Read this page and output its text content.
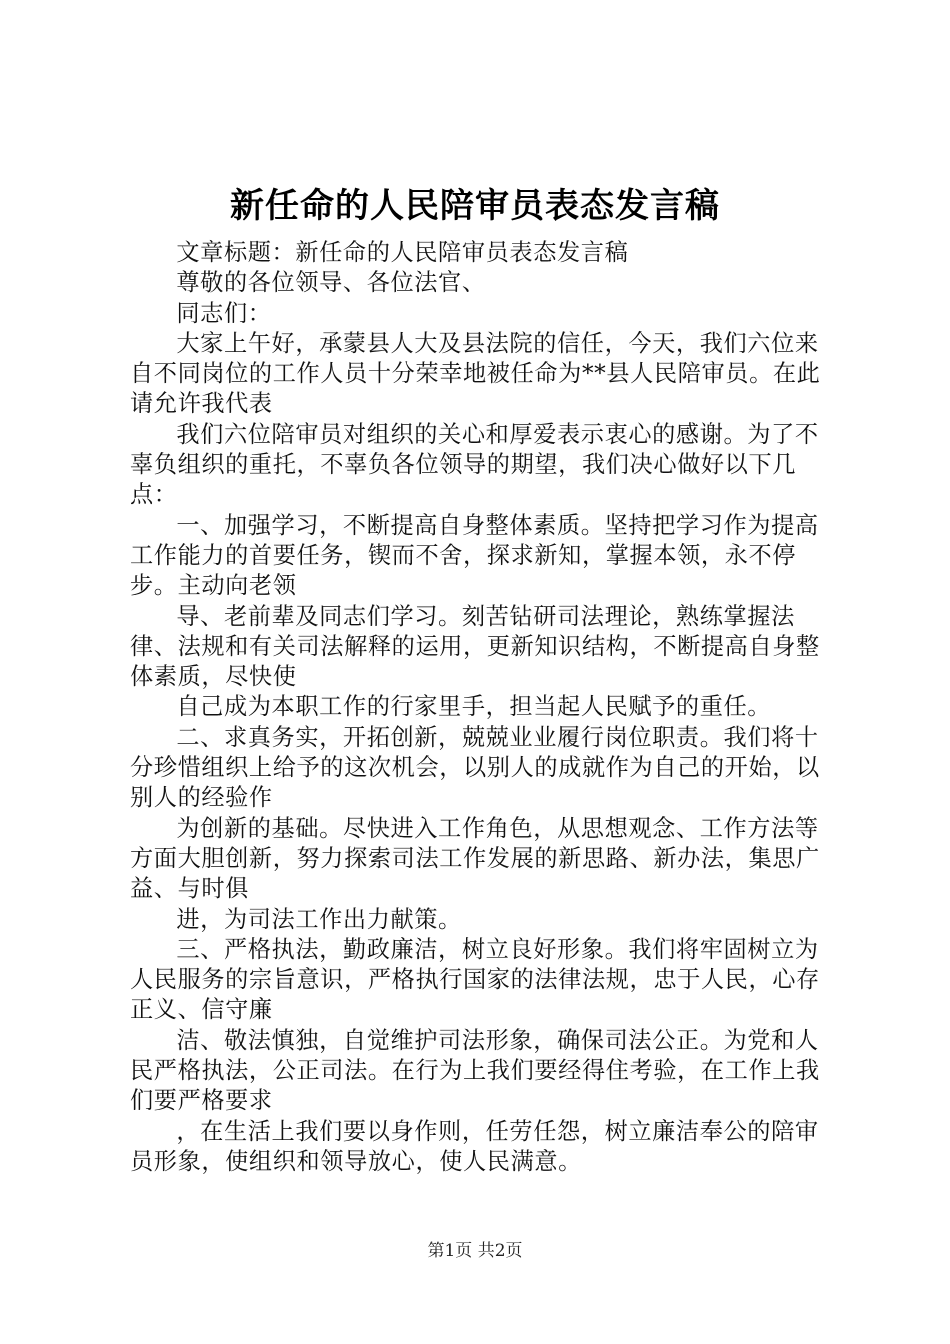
新任命的人民陪审员表态发言稿

文章标题：新任命的人民陪审员表态发言稿

尊敬的各位领导、各位法官、

同志们：

大家上午好，承蒙县人大及县法院的信任，今天，我们六位来自不同岗位的工作人员十分荣幸地被任命为**县人民陪审员。在此请允许我代表

我们六位陪审员对组织的关心和厚爱表示衷心的感谢。为了不辜负组织的重托，不辜负各位领导的期望，我们决心做好以下几点：

一、加强学习，不断提高自身整体素质。坚持把学习作为提高工作能力的首要任务，锲而不舍，探求新知，掌握本领，永不停步。主动向老领

导、老前辈及同志们学习。刻苦钻研司法理论，熟练掌握法律、法规和有关司法解释的运用，更新知识结构，不断提高自身整体素质，尽快使

自己成为本职工作的行家里手，担当起人民赋予的重任。

二、求真务实，开拓创新，兢兢业业履行岗位职责。我们将十分珍惜组织上给予的这次机会，以别人的成就作为自己的开始，以别人的经验作

为创新的基础。尽快进入工作角色，从思想观念、工作方法等方面大胆创新，努力探索司法工作发展的新思路、新办法，集思广益、与时俱

进，为司法工作出力献策。

三、严格执法，勤政廉洁，树立良好形象。我们将牢固树立为人民服务的宗旨意识，严格执行国家的法律法规，忠于人民，心存正义、信守廉

洁、敬法慎独，自觉维护司法形象，确保司法公正。为党和人民严格执法，公正司法。在行为上我们要经得住考验，在工作上我们要严格要求

，在生活上我们要以身作则，任劳任怨，树立廉洁奉公的陪审员形象，使组织和领导放心，使人民满意。

第1页 共2页
